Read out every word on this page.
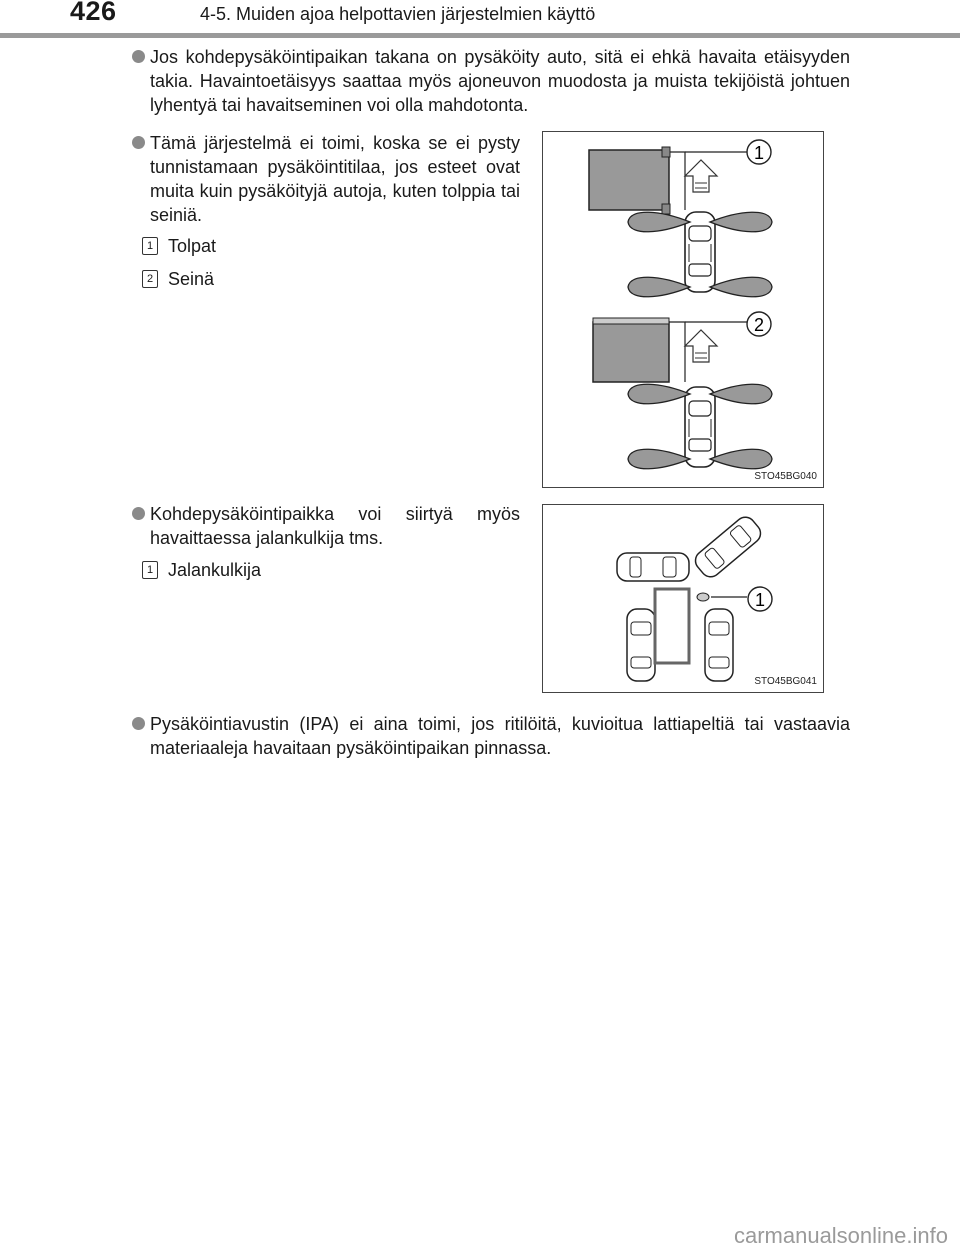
426	4-5. Muiden ajoa helpottavien järjestelmien käyttö
Jos kohdepysäköintipaikan takana on pysäköity auto, sitä ei ehkä havaita etäisyyden takia. Havaintoetäisyys saattaa myös ajoneuvon muodosta ja muista tekijöistä johtuen lyhentyä tai havaitseminen voi olla mahdotonta.
Tämä järjestelmä ei toimi, koska se ei pysty tunnistamaan pysäköintitilaa, jos esteet ovat muita kuin pysäköityjä autoja, kuten tolppia tai seiniä.
1 Tolpat
2 Seinä
1
2
STO45BG040
Kohdepysäköintipaikka voi siirtyä myös havaittaessa jalankulkija tms.
1 Jalankulkija
1
STO45BG041
Pysäköintiavustin (IPA) ei aina toimi, jos ritilöitä, kuvioitua lattiapeltiä tai vastaavia materiaaleja havaitaan pysäköintipaikan pinnassa.
carmanualsonline.info
